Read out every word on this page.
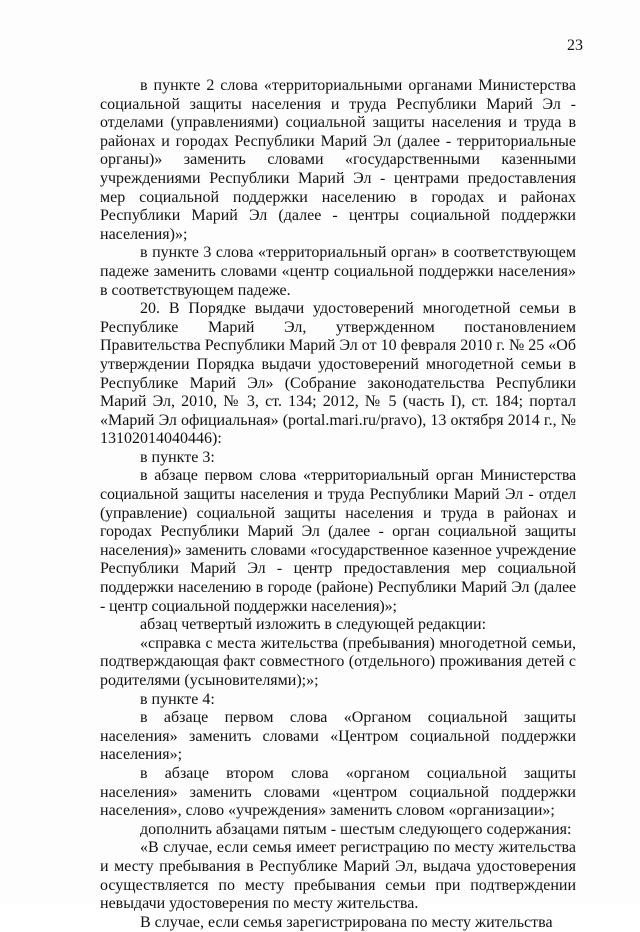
23

в пункте 2 слова «территориальными органами Министерства социальной защиты населения и труда Республики Марий Эл - отделами (управлениями) социальной защиты населения и труда в районах и городах Республики Марий Эл (далее - территориальные органы)» заменить словами «государственными казенными учреждениями Республики Марий Эл - центрами предоставления мер социальной поддержки населению в городах и районах Республики Марий Эл (далее - центры социальной поддержки населения)»;

в пункте 3 слова «территориальный орган» в соответствующем падеже заменить словами «центр социальной поддержки населения» в соответствующем падеже.

20. В Порядке выдачи удостоверений многодетной семьи в Республике Марий Эл, утвержденном постановлением Правительства Республики Марий Эл от 10 февраля 2010 г. № 25 «Об утверждении Порядка выдачи удостоверений многодетной семьи в Республике Марий Эл» (Собрание законодательства Республики Марий Эл, 2010, № 3, ст. 134; 2012, № 5 (часть I), ст. 184; портал «Марий Эл официальная» (portal.mari.ru/pravo), 13 октября 2014 г., № 13102014040446):

в пункте 3:

в абзаце первом слова «территориальный орган Министерства социальной защиты населения и труда Республики Марий Эл - отдел (управление) социальной защиты населения и труда в районах и городах Республики Марий Эл (далее - орган социальной защиты населения)» заменить словами «государственное казенное учреждение Республики Марий Эл - центр предоставления мер социальной поддержки населению в городе (районе) Республики Марий Эл (далее - центр социальной поддержки населения)»;

абзац четвертый изложить в следующей редакции:

«справка с места жительства (пребывания) многодетной семьи, подтверждающая факт совместного (отдельного) проживания детей с родителями (усыновителями);»;

в пункте 4:

в абзаце первом слова «Органом социальной защиты населения» заменить словами «Центром социальной поддержки населения»;

в абзаце втором слова «органом социальной защиты населения» заменить словами «центром социальной поддержки населения», слово «учреждения» заменить словом «организации»;

дополнить абзацами пятым - шестым следующего содержания:

«В случае, если семья имеет регистрацию по месту жительства и месту пребывания в Республике Марий Эл, выдача удостоверения осуществляется по месту пребывания семьи при подтверждении невыдачи удостоверения по месту жительства.

В случае, если семья зарегистрирована по месту жительства
